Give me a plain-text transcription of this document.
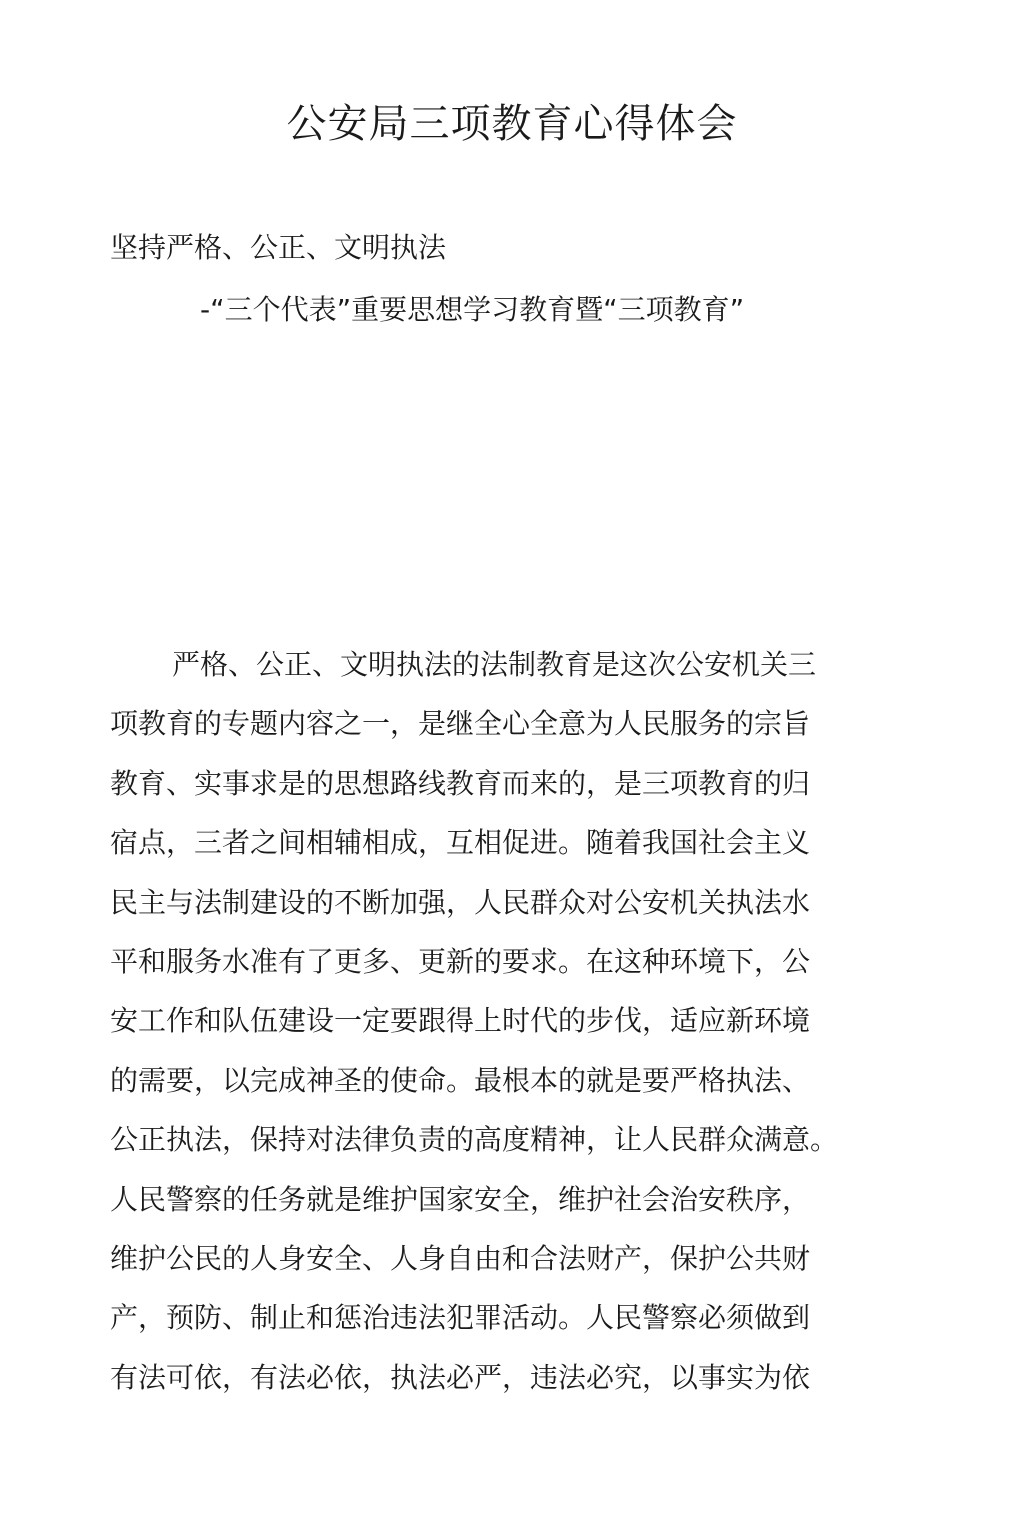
公安局三项教育心得体会

坚持严格、公正、文明执法

-“三个代表”重要思想学习教育暨“三项教育”

严格、公正、文明执法的法制教育是这次公安机关三
项教育的专题内容之一，是继全心全意为人民服务的宗旨
教育、实事求是的思想路线教育而来的，是三项教育的归
宿点，三者之间相辅相成，互相促进。随着我国社会主义
民主与法制建设的不断加强，人民群众对公安机关执法水
平和服务水准有了更多、更新的要求。在这种环境下，公
安工作和队伍建设一定要跟得上时代的步伐，适应新环境
的需要，以完成神圣的使命。最根本的就是要严格执法、
公正执法，保持对法律负责的高度精神，让人民群众满意。
人民警察的任务就是维护国家安全，维护社会治安秩序，
维护公民的人身安全、人身自由和合法财产，保护公共财
产，预防、制止和惩治违法犯罪活动。人民警察必须做到
有法可依，有法必依，执法必严，违法必究，以事实为依
